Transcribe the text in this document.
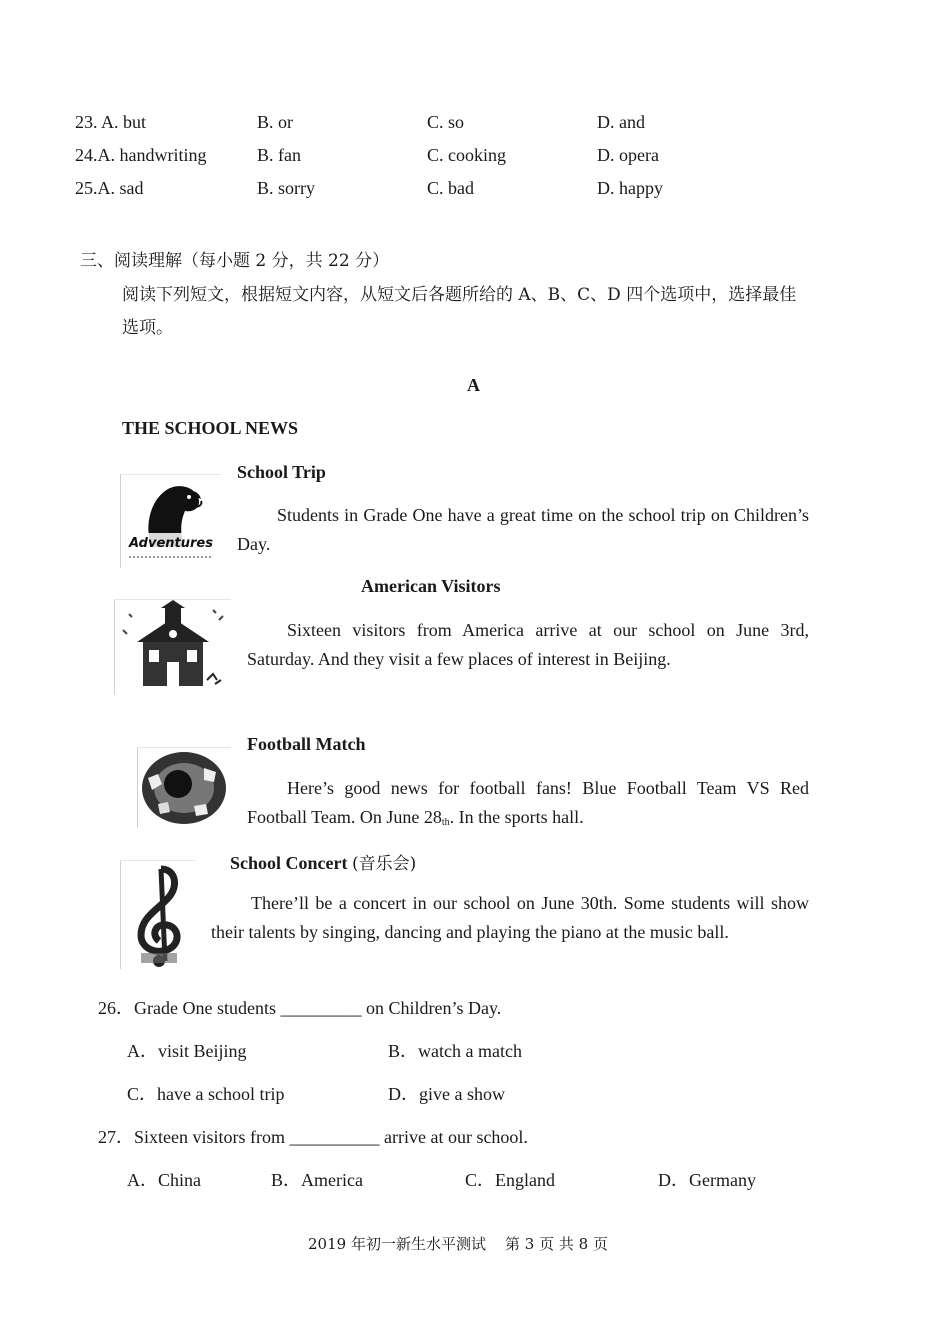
23. A. but	B. or	C. so	D. and
24.A. handwriting	B. fan	C. cooking	D. opera
25.A. sad	B. sorry	C. bad	D. happy
三、阅读理解（每小题 2 分，共 22 分）
阅读下列短文，根据短文内容，从短文后各题所给的 A、B、C、D 四个选项中，选择最佳
选项。
A
THE SCHOOL NEWS
Adventures
School Trip
Students in Grade One have a great time on the school trip on Children’s Day.
American Visitors
Sixteen visitors from America arrive at our school on June 3rd, Saturday. And they visit a few places of interest in Beijing.
Football Match
Here’s good news for football fans! Blue Football Team VS Red Football Team. On June $28_{th}$. In the sports hall.
School Concert (音乐会)
There’ll be a concert in our school on June 30th. Some students will show their talents by singing, dancing and playing the piano at the music ball.
26．Grade One students _________ on Children’s Day.
A．visit Beijing	B．watch a match
C．have a school trip	D．give a show
27．Sixteen visitors from __________ arrive at our school.
A．China	B．America	C．England	D．Germany
2019 年初一新生水平测试 第 3 页 共 8 页
